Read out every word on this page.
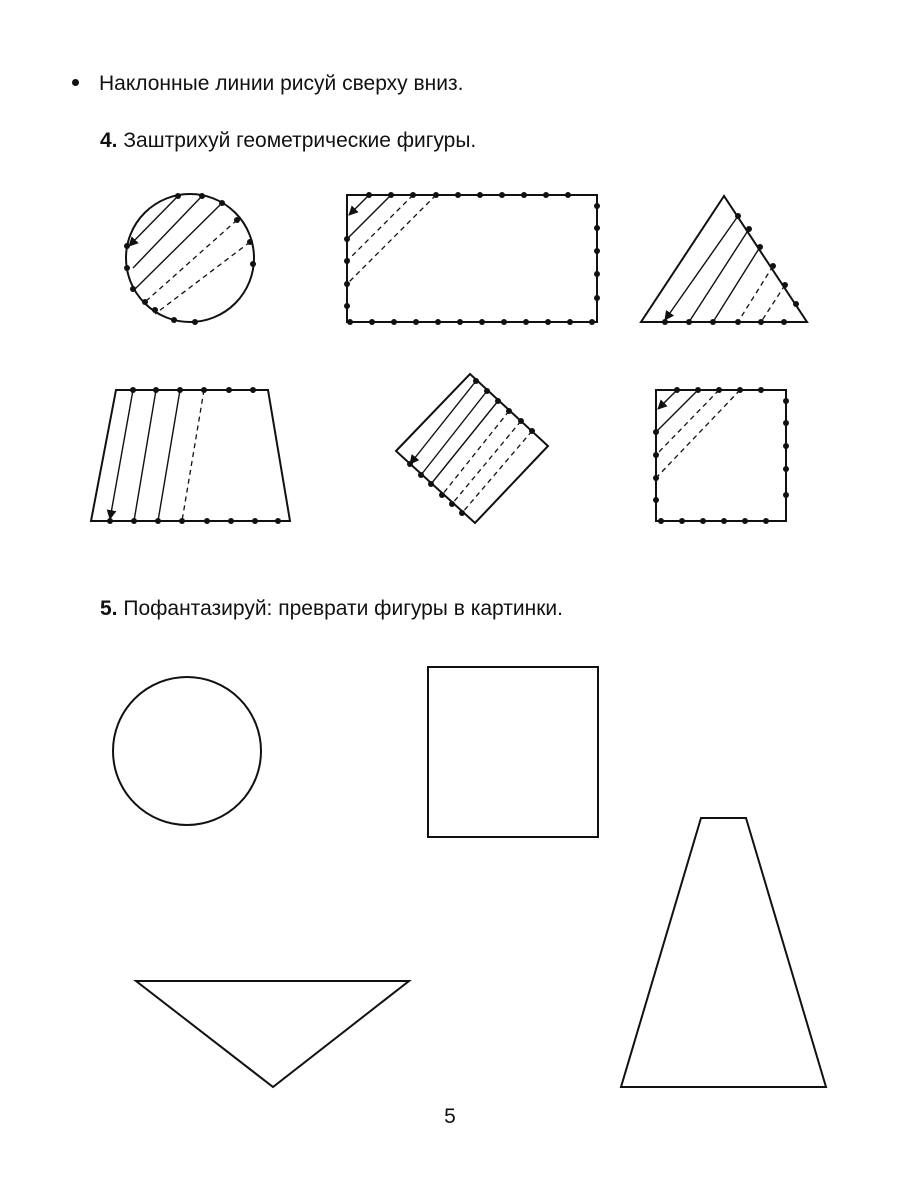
Наклонные линии рисуй сверху вниз.
4. Заштрихуй геометрические фигуры.
5. Пофантазируй: преврати фигуры в картинки.
5
